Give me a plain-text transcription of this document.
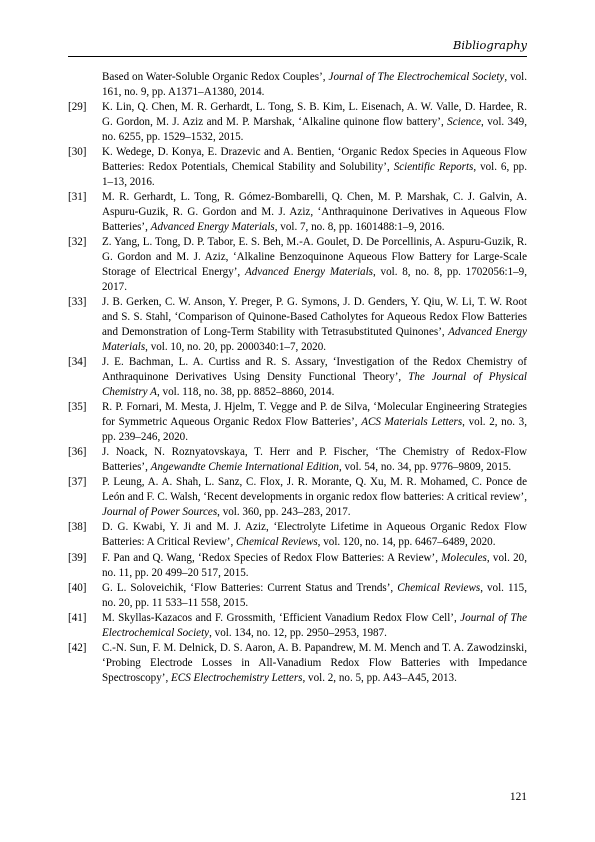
Bibliography
Based on Water-Soluble Organic Redox Couples’, Journal of The Electrochemical Society, vol. 161, no. 9, pp. A1371–A1380, 2014.
[29]	K. Lin, Q. Chen, M. R. Gerhardt, L. Tong, S. B. Kim, L. Eisenach, A. W. Valle, D. Hardee, R. G. Gordon, M. J. Aziz and M. P. Marshak, ‘Alkaline quinone flow battery’, Science, vol. 349, no. 6255, pp. 1529–1532, 2015.
[30]	K. Wedege, D. Konya, E. Drazevic and A. Bentien, ‘Organic Redox Species in Aqueous Flow Batteries: Redox Potentials, Chemical Stability and Solubility’, Scientific Reports, vol. 6, pp. 1–13, 2016.
[31]	M. R. Gerhardt, L. Tong, R. Gómez-Bombarelli, Q. Chen, M. P. Marshak, C. J. Galvin, A. Aspuru-Guzik, R. G. Gordon and M. J. Aziz, ‘Anthraquinone Derivatives in Aqueous Flow Batteries’, Advanced Energy Materials, vol. 7, no. 8, pp. 1601488:1–9, 2016.
[32]	Z. Yang, L. Tong, D. P. Tabor, E. S. Beh, M.-A. Goulet, D. De Porcellinis, A. Aspuru-Guzik, R. G. Gordon and M. J. Aziz, ‘Alkaline Benzoquinone Aqueous Flow Battery for Large-Scale Storage of Electrical Energy’, Advanced Energy Materials, vol. 8, no. 8, pp. 1702056:1–9, 2017.
[33]	J. B. Gerken, C. W. Anson, Y. Preger, P. G. Symons, J. D. Genders, Y. Qiu, W. Li, T. W. Root and S. S. Stahl, ‘Comparison of Quinone-Based Catholytes for Aqueous Redox Flow Batteries and Demonstration of Long-Term Stability with Tetrasubstituted Quinones’, Advanced Energy Materials, vol. 10, no. 20, pp. 2000340:1–7, 2020.
[34]	J. E. Bachman, L. A. Curtiss and R. S. Assary, ‘Investigation of the Redox Chemistry of Anthraquinone Derivatives Using Density Functional Theory’, The Journal of Physical Chemistry A, vol. 118, no. 38, pp. 8852–8860, 2014.
[35]	R. P. Fornari, M. Mesta, J. Hjelm, T. Vegge and P. de Silva, ‘Molecular Engineering Strategies for Symmetric Aqueous Organic Redox Flow Batteries’, ACS Materials Letters, vol. 2, no. 3, pp. 239–246, 2020.
[36]	J. Noack, N. Roznyatovskaya, T. Herr and P. Fischer, ‘The Chemistry of Redox-Flow Batteries’, Angewandte Chemie International Edition, vol. 54, no. 34, pp. 9776–9809, 2015.
[37]	P. Leung, A. A. Shah, L. Sanz, C. Flox, J. R. Morante, Q. Xu, M. R. Mohamed, C. Ponce de León and F. C. Walsh, ‘Recent developments in organic redox flow batteries: A critical review’, Journal of Power Sources, vol. 360, pp. 243–283, 2017.
[38]	D. G. Kwabi, Y. Ji and M. J. Aziz, ‘Electrolyte Lifetime in Aqueous Organic Redox Flow Batteries: A Critical Review’, Chemical Reviews, vol. 120, no. 14, pp. 6467–6489, 2020.
[39]	F. Pan and Q. Wang, ‘Redox Species of Redox Flow Batteries: A Review’, Molecules, vol. 20, no. 11, pp. 20 499–20 517, 2015.
[40]	G. L. Soloveichik, ‘Flow Batteries: Current Status and Trends’, Chemical Reviews, vol. 115, no. 20, pp. 11 533–11 558, 2015.
[41]	M. Skyllas-Kazacos and F. Grossmith, ‘Efficient Vanadium Redox Flow Cell’, Journal of The Electrochemical Society, vol. 134, no. 12, pp. 2950–2953, 1987.
[42]	C.-N. Sun, F. M. Delnick, D. S. Aaron, A. B. Papandrew, M. M. Mench and T. A. Zawodzinski, ‘Probing Electrode Losses in All-Vanadium Redox Flow Batteries with Impedance Spectroscopy’, ECS Electrochemistry Letters, vol. 2, no. 5, pp. A43–A45, 2013.
121
